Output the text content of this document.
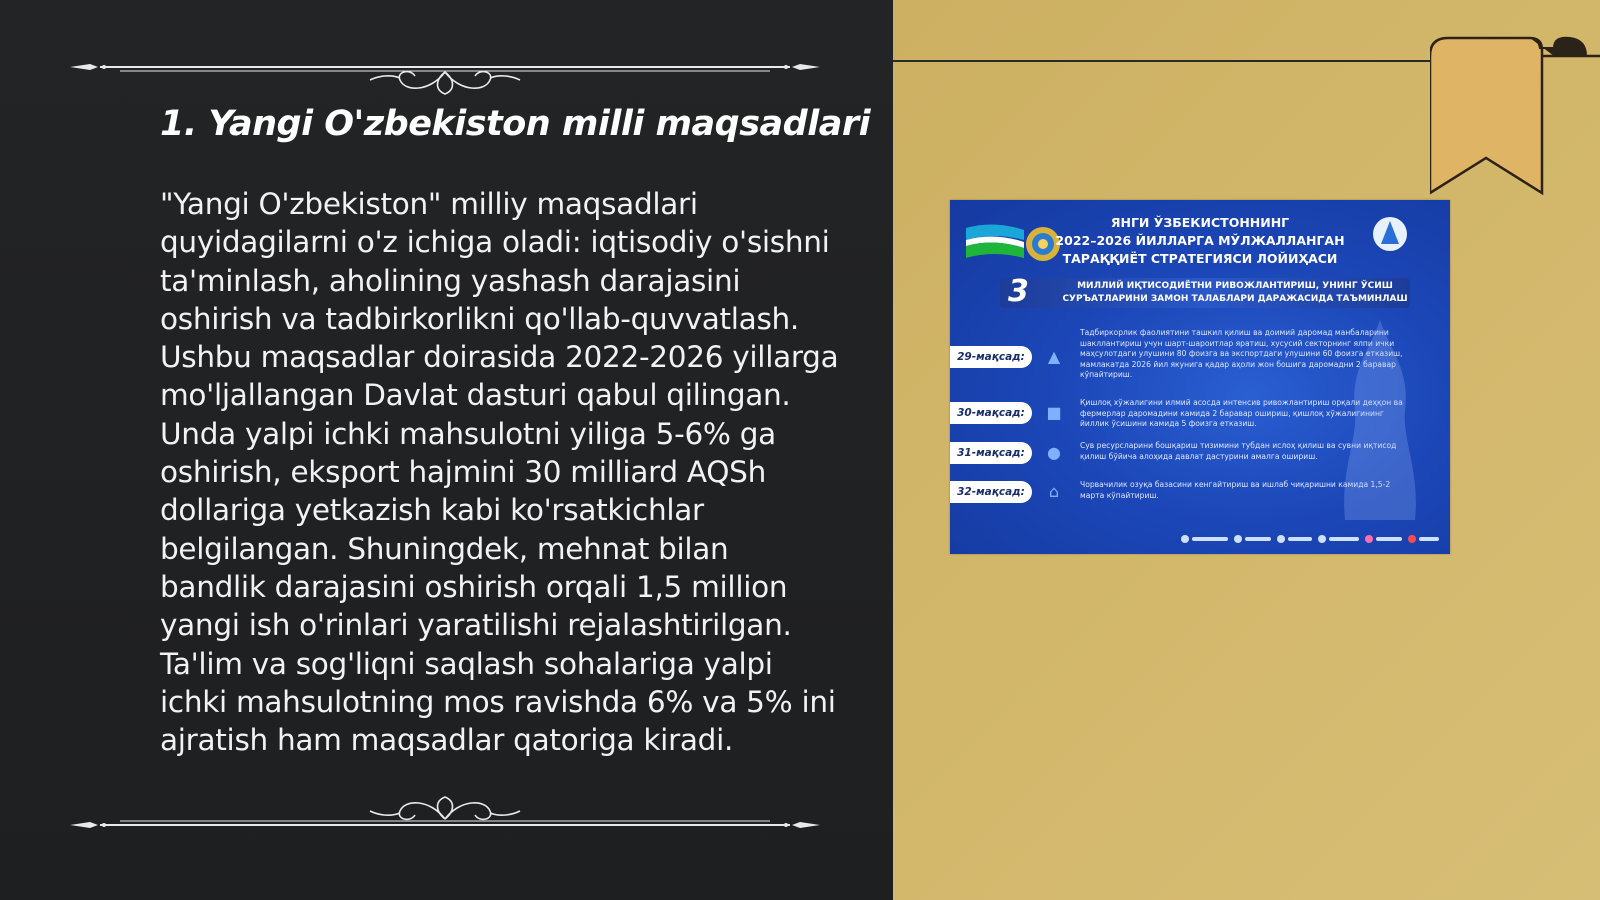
1. Yangi O'zbekiston milli maqsadlari

"Yangi O'zbekiston" milliy maqsadlari quyidagilarni o'z ichiga oladi: iqtisodiy o'sishni ta'minlash, aholining yashash darajasini oshirish va tadbirkorlikni qo'llab-quvvatlash. Ushbu maqsadlar doirasida 2022-2026 yillarga mo'ljallangan Davlat dasturi qabul qilingan. Unda yalpi ichki mahsulotni yiliga 5-6% ga oshirish, eksport hajmini 30 milliard AQSh dollariga yetkazish kabi ko'rsatkichlar belgilangan. Shuningdek, mehnat bilan bandlik darajasini oshirish orqali 1,5 million yangi ish o'rinlari yaratilishi rejalashtirilgan. Ta'lim va sog'liqni saqlash sohalariga yalpi ichki mahsulotning mos ravishda 6% va 5% ini ajratish ham maqsadlar qatoriga kiradi.

ЯНГИ ЎЗБЕКИСТОННИНГ
2022–2026 ЙИЛЛАРГА МЎЛЖАЛЛАНГАН
ТАРАҚҚИЁТ СТРАТЕГИЯСИ ЛОЙИҲАСИ
3	МИЛЛИЙ ИҚТИСОДИЁТНИ РИВОЖЛАНТИРИШ, УНИНГ ЎСИШ СУРЪАТЛАРИНИ ЗАМОН ТАЛАБЛАРИ ДАРАЖАСИДА ТАЪМИНЛАШ
29-мақсад:	▲
Тадбиркорлик фаолиятини ташкил қилиш ва доимий даромад манбаларини шакллантириш учун шарт-шароитлар яратиш, хусусий секторнинг ялпи ички маҳсулотдаги улушини 80 фоизга ва экспортдаги улушини 60 фоизга етказиш, мамлакатда 2026 йил якунига қадар аҳоли жон бошига даромадни 2 баравар кўпайтириш.
30-мақсад:	■
Қишлоқ хўжалигини илмий асосда интенсив ривожлантириш орқали деҳқон ва фермерлар даромадини камида 2 баравар ошириш, қишлоқ хўжалигининг йиллик ўсишини камида 5 фоизга етказиш.
31-мақсад:	●	Сув ресурсларини бошқариш тизимини тубдан ислоҳ қилиш ва сувни иқтисод қилиш бўйича алоҳида давлат дастурини амалга ошириш.
32-мақсад:	⌂	Чорвачилик озуқа базасини кенгайтириш ва ишлаб чиқаришни камида 1,5-2 марта кўпайтириш.
